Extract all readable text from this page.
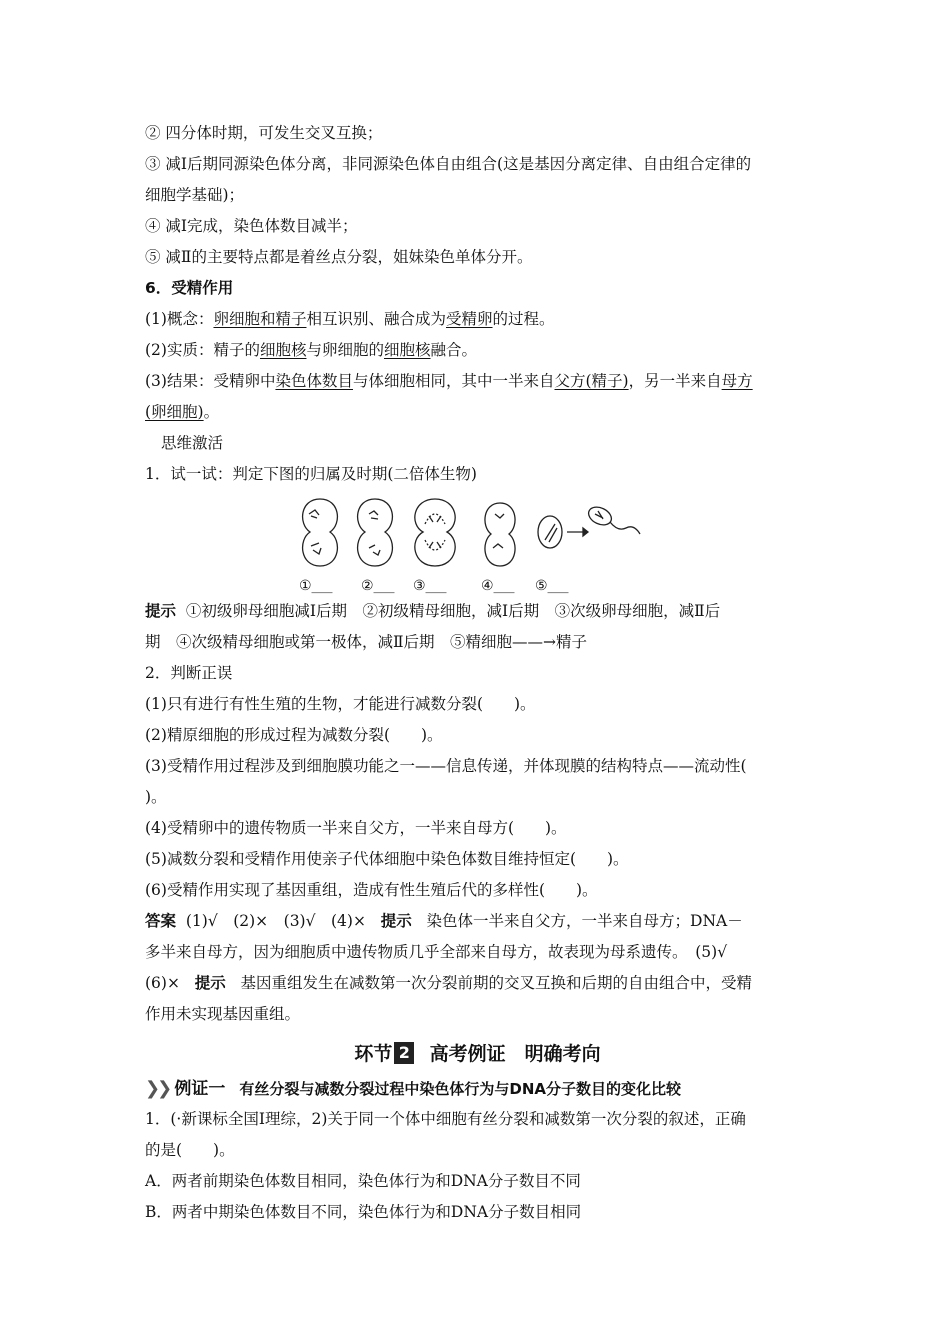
② 四分体时期，可发生交叉互换；
③ 减Ⅰ后期同源染色体分离，非同源染色体自由组合(这是基因分离定律、自由组合定律的
细胞学基础)；
④ 减Ⅰ完成，染色体数目减半；
⑤ 减Ⅱ的主要特点都是着丝点分裂，姐妹染色单体分开。
6．受精作用
(1)概念：卵细胞和精子相互识别、融合成为受精卵的过程。
(2)实质：精子的细胞核与卵细胞的细胞核融合。
(3)结果：受精卵中染色体数目与体细胞相同，其中一半来自父方(精子)，另一半来自母方
(卵细胞)。
思维激活
1．试一试：判定下图的归属及时期(二倍体生物)
①___ ②___ ③___ ④___ ⑤___
提示 ①初级卵母细胞减Ⅰ后期　②初级精母细胞，减Ⅰ后期　③次级卵母细胞，减Ⅱ后
期　④次级精母细胞或第一极体，减Ⅱ后期　⑤精细胞——→精子
2．判断正误
(1)只有进行有性生殖的生物，才能进行减数分裂(　　)。
(2)精原细胞的形成过程为减数分裂(　　)。
(3)受精作用过程涉及到细胞膜功能之一——信息传递，并体现膜的结构特点——流动性(
)。
(4)受精卵中的遗传物质一半来自父方，一半来自母方(　　)。
(5)减数分裂和受精作用使亲子代体细胞中染色体数目维持恒定(　　)。
(6)受精作用实现了基因重组，造成有性生殖后代的多样性(　　)。
答案 (1)√　(2)×　(3)√　(4)× 提示 染色体一半来自父方，一半来自母方；DNA－
多半来自母方，因为细胞质中遗传物质几乎全部来自母方，故表现为母系遗传。　(5)√
(6)× 提示 基因重组发生在减数第一次分裂前期的交叉互换和后期的自由组合中，受精
作用未实现基因重组。
环节 2 高考例证　明确考向
❯❯ 例证一 有丝分裂与减数分裂过程中染色体行为与DNA分子数目的变化比较
1．(·新课标全国Ⅰ理综，2)关于同一个体中细胞有丝分裂和减数第一次分裂的叙述，正确
的是(　　)。
A．两者前期染色体数目相同，染色体行为和DNA分子数目不同
B．两者中期染色体数目不同，染色体行为和DNA分子数目相同
